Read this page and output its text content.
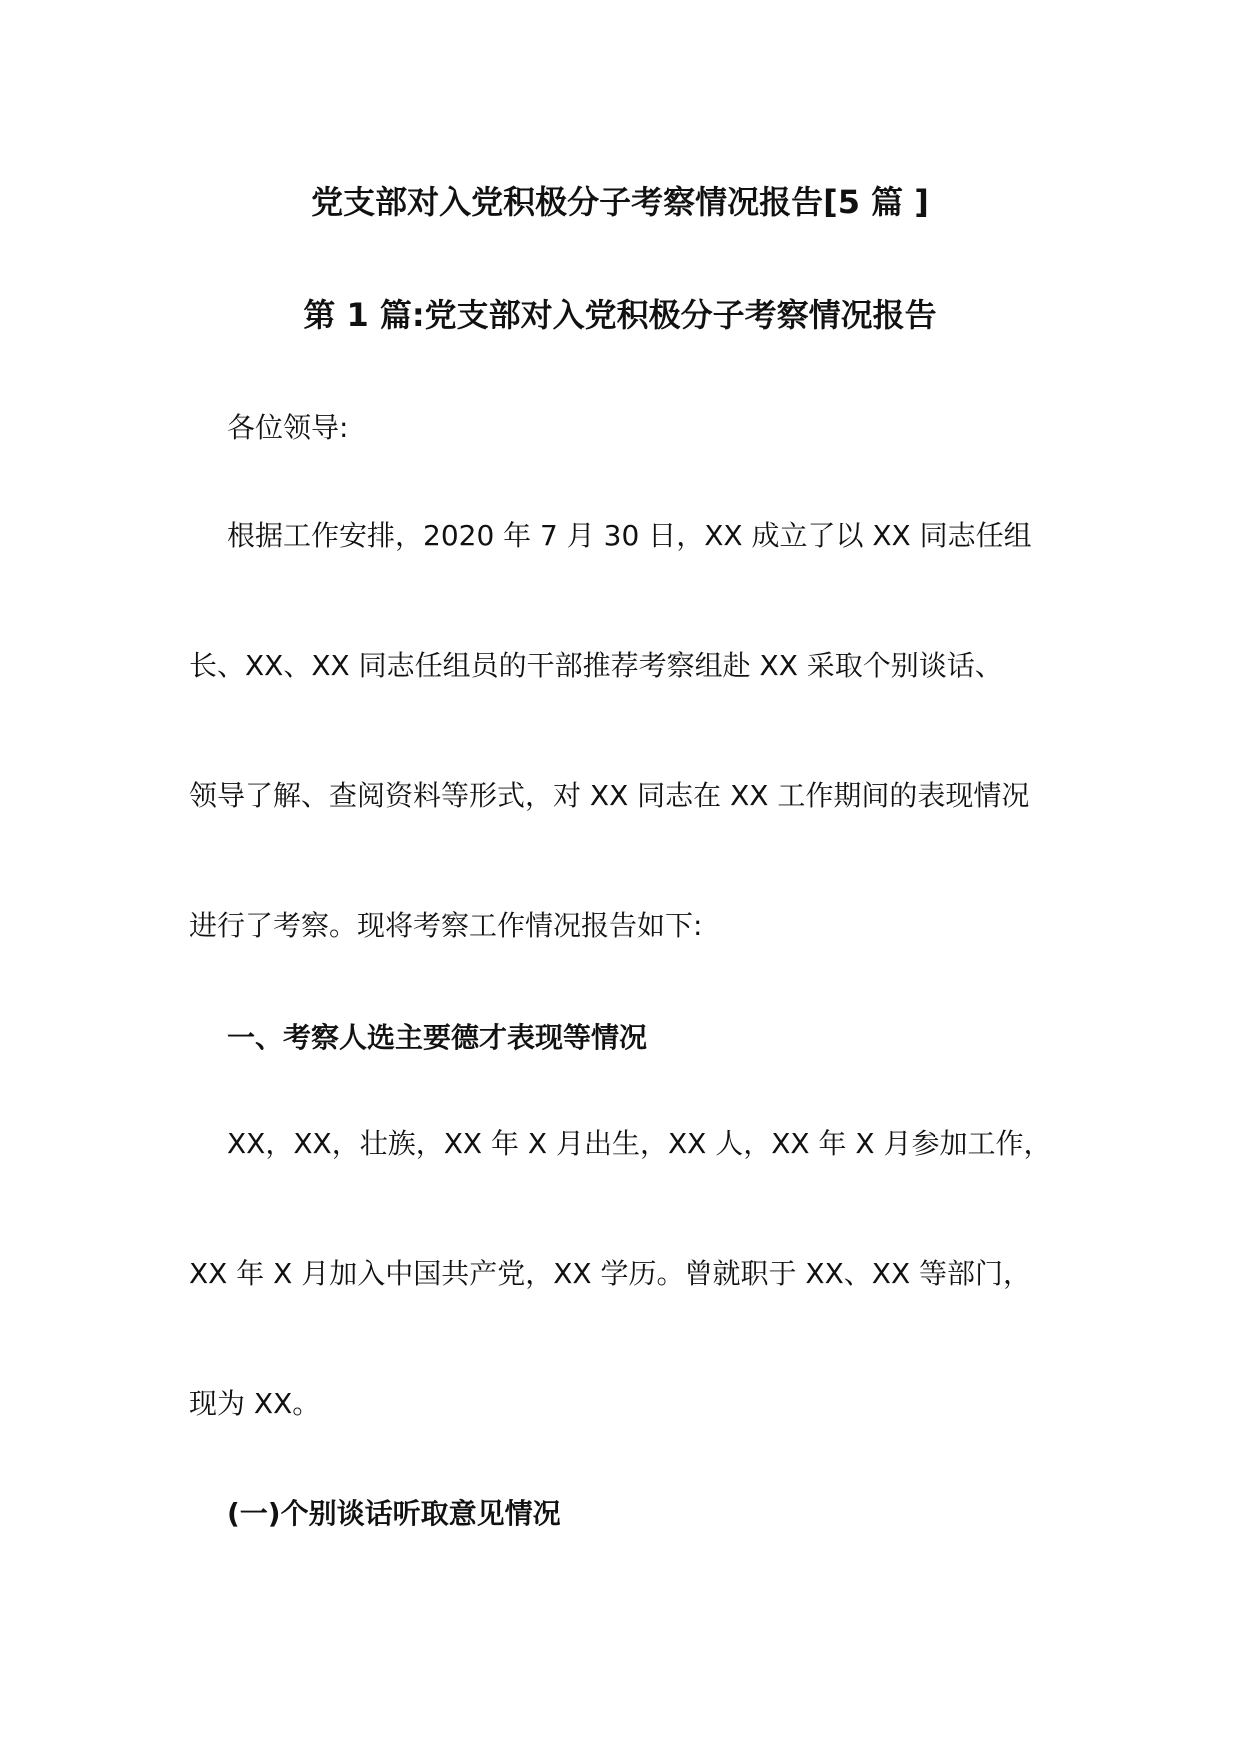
党支部对入党积极分子考察情况报告[5 篇 ]
第 1 篇:党支部对入党积极分子考察情况报告
各位领导:
根据工作安排，2020 年 7 月 30 日，XX 成立了以 XX 同志任组
长、XX、XX 同志任组员的干部推荐考察组赴 XX 采取个别谈话、
领导了解、查阅资料等形式，对 XX 同志在 XX 工作期间的表现情况
进行了考察。现将考察工作情况报告如下:
一、考察人选主要德才表现等情况
XX，XX，壮族，XX 年 X 月出生，XX 人，XX 年 X 月参加工作，
XX 年 X 月加入中国共产党，XX 学历。曾就职于 XX、XX 等部门，
现为 XX。
(一)个别谈话听取意见情况
